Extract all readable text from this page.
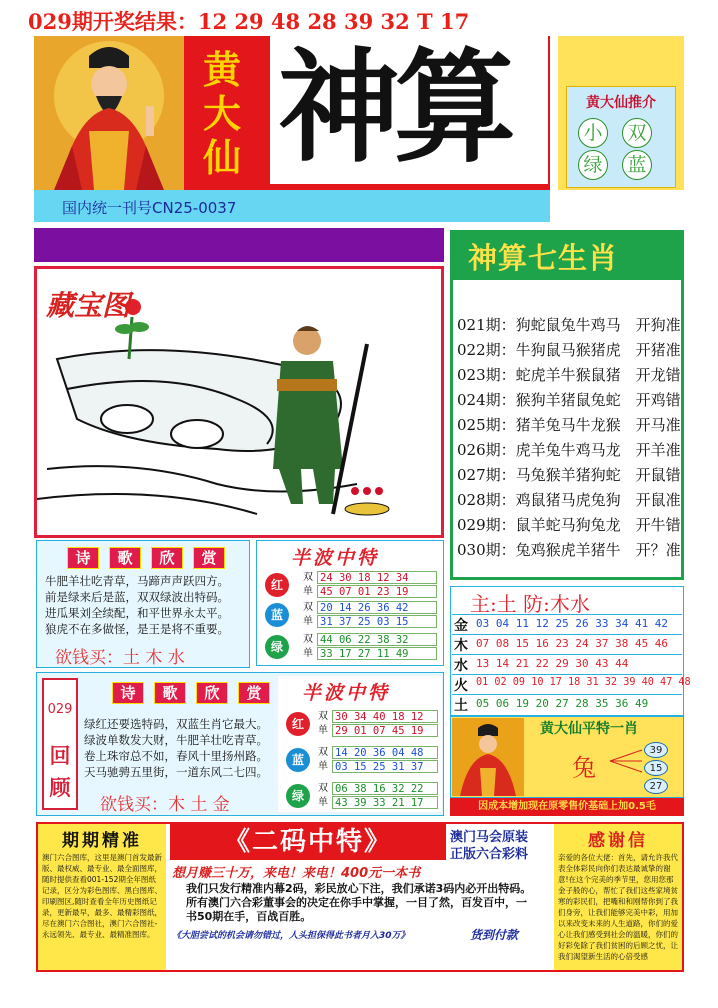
029期开奖结果：12 29 48 28 39 32 T 17
黄
大
仙 神算
国内统一刊号CN25-0037
黄大仙推介
小 双
绿 蓝
藏宝图
神算七生肖
021期：狗蛇鼠兔牛鸡马　开狗准
022期：牛狗鼠马猴猪虎　开猪准
023期：蛇虎羊牛猴鼠猪　开龙错
024期：猴狗羊猪鼠兔蛇　开鸡错
025期：猪羊兔马牛龙猴　开马准
026期：虎羊兔牛鸡马龙　开羊准
027期：马兔猴羊猪狗蛇　开鼠错
028期：鸡鼠猪马虎兔狗　开鼠准
029期：鼠羊蛇马狗兔龙　开牛错
030期：兔鸡猴虎羊猪牛　开？准
诗	歌	欣	赏
牛肥羊壮吃青草，马蹄声声跃四方。
前是绿来后是蓝，双双绿波出特码。
进瓜果刘全续配，和平世界永太平。
狼虎不在多做怪，是王是将不重要。
欲钱买：土 木 水
半波中特
红
双 24 30 18 12 34
单 45 07 01 23 19
蓝
双 20 14 26 36 42
单 31 37 25 03 15
绿
双 44 06 22 38 32
单 33 17 27 11 49
主:土 防:木水
金 03 04 11 12 25 26 33 34 41 42
木 07 08 15 16 23 24 37 38 45 46
水 13 14 21 22 29 30 43 44
火 01 02 09 10 17 18 31 32 39 40 47 48
土 05 06 19 20 27 28 35 36 49
029
回顾
诗	歌	欣	赏
绿红还要选特码，双蓝生肖它最大。
绿波单数发大财，牛肥羊壮吃青草。
卷上珠帘总不如，春风十里扬州路。
天马驰骋五里街，一道东风二七四。
欲钱买：木 土 金
半波中特
红
双 30 34 40 18 12
单 29 01 07 45 19
蓝
双 14 20 36 04 48
单 03 15 25 31 37
绿
双 06 38 16 32 22
单 43 39 33 21 17
黄大仙平特一肖
兔
39
15
27
因成本增加现在原零售价基础上加0.5毛
期期精准
澳门六合图库，这里是澳门首发最新版、最权威、最专业、最全面图库，随时提供查看001-152期全年图纸记录，区分为彩色图库、黑白图库、印刷图区,随时查看全年历史图纸记录，更新最早，最多、最精彩图纸，尽在澳门六合图社，澳门六合图社-永远领先、最专业、最精准图库。
《二码中特》	澳门马会原装
正版六合彩料
想月赚三十万，来电！来电！400元一本书
我们只发行精准内幕2码，彩民放心下注，我们承诺3码内必开出特码。所有澳门六合彩董事会的决定在你手中掌握，一目了然，百发百中，一书50期在手，百战百胜。
《大胆尝试的机会请勿错过，人头担保得此书者月入30万》	货到付款
感谢信
亲爱的各位大佬：首先，请允许我代表全体彩民向你们表达最诚挚的谢意!在这个完美的季节里，您用您那金子般的心，帮忙了我们这些家境贫寒的彩民们，把嘴和和刚帮你到了我们身旁，让我们能够完美中彩，用加以来改变未来的人生道路，你们的爱心让我们感受到社会的温暖，你们的好彩免除了我们贫困的后顾之忧，让我们渴望新生活的心倍受感
